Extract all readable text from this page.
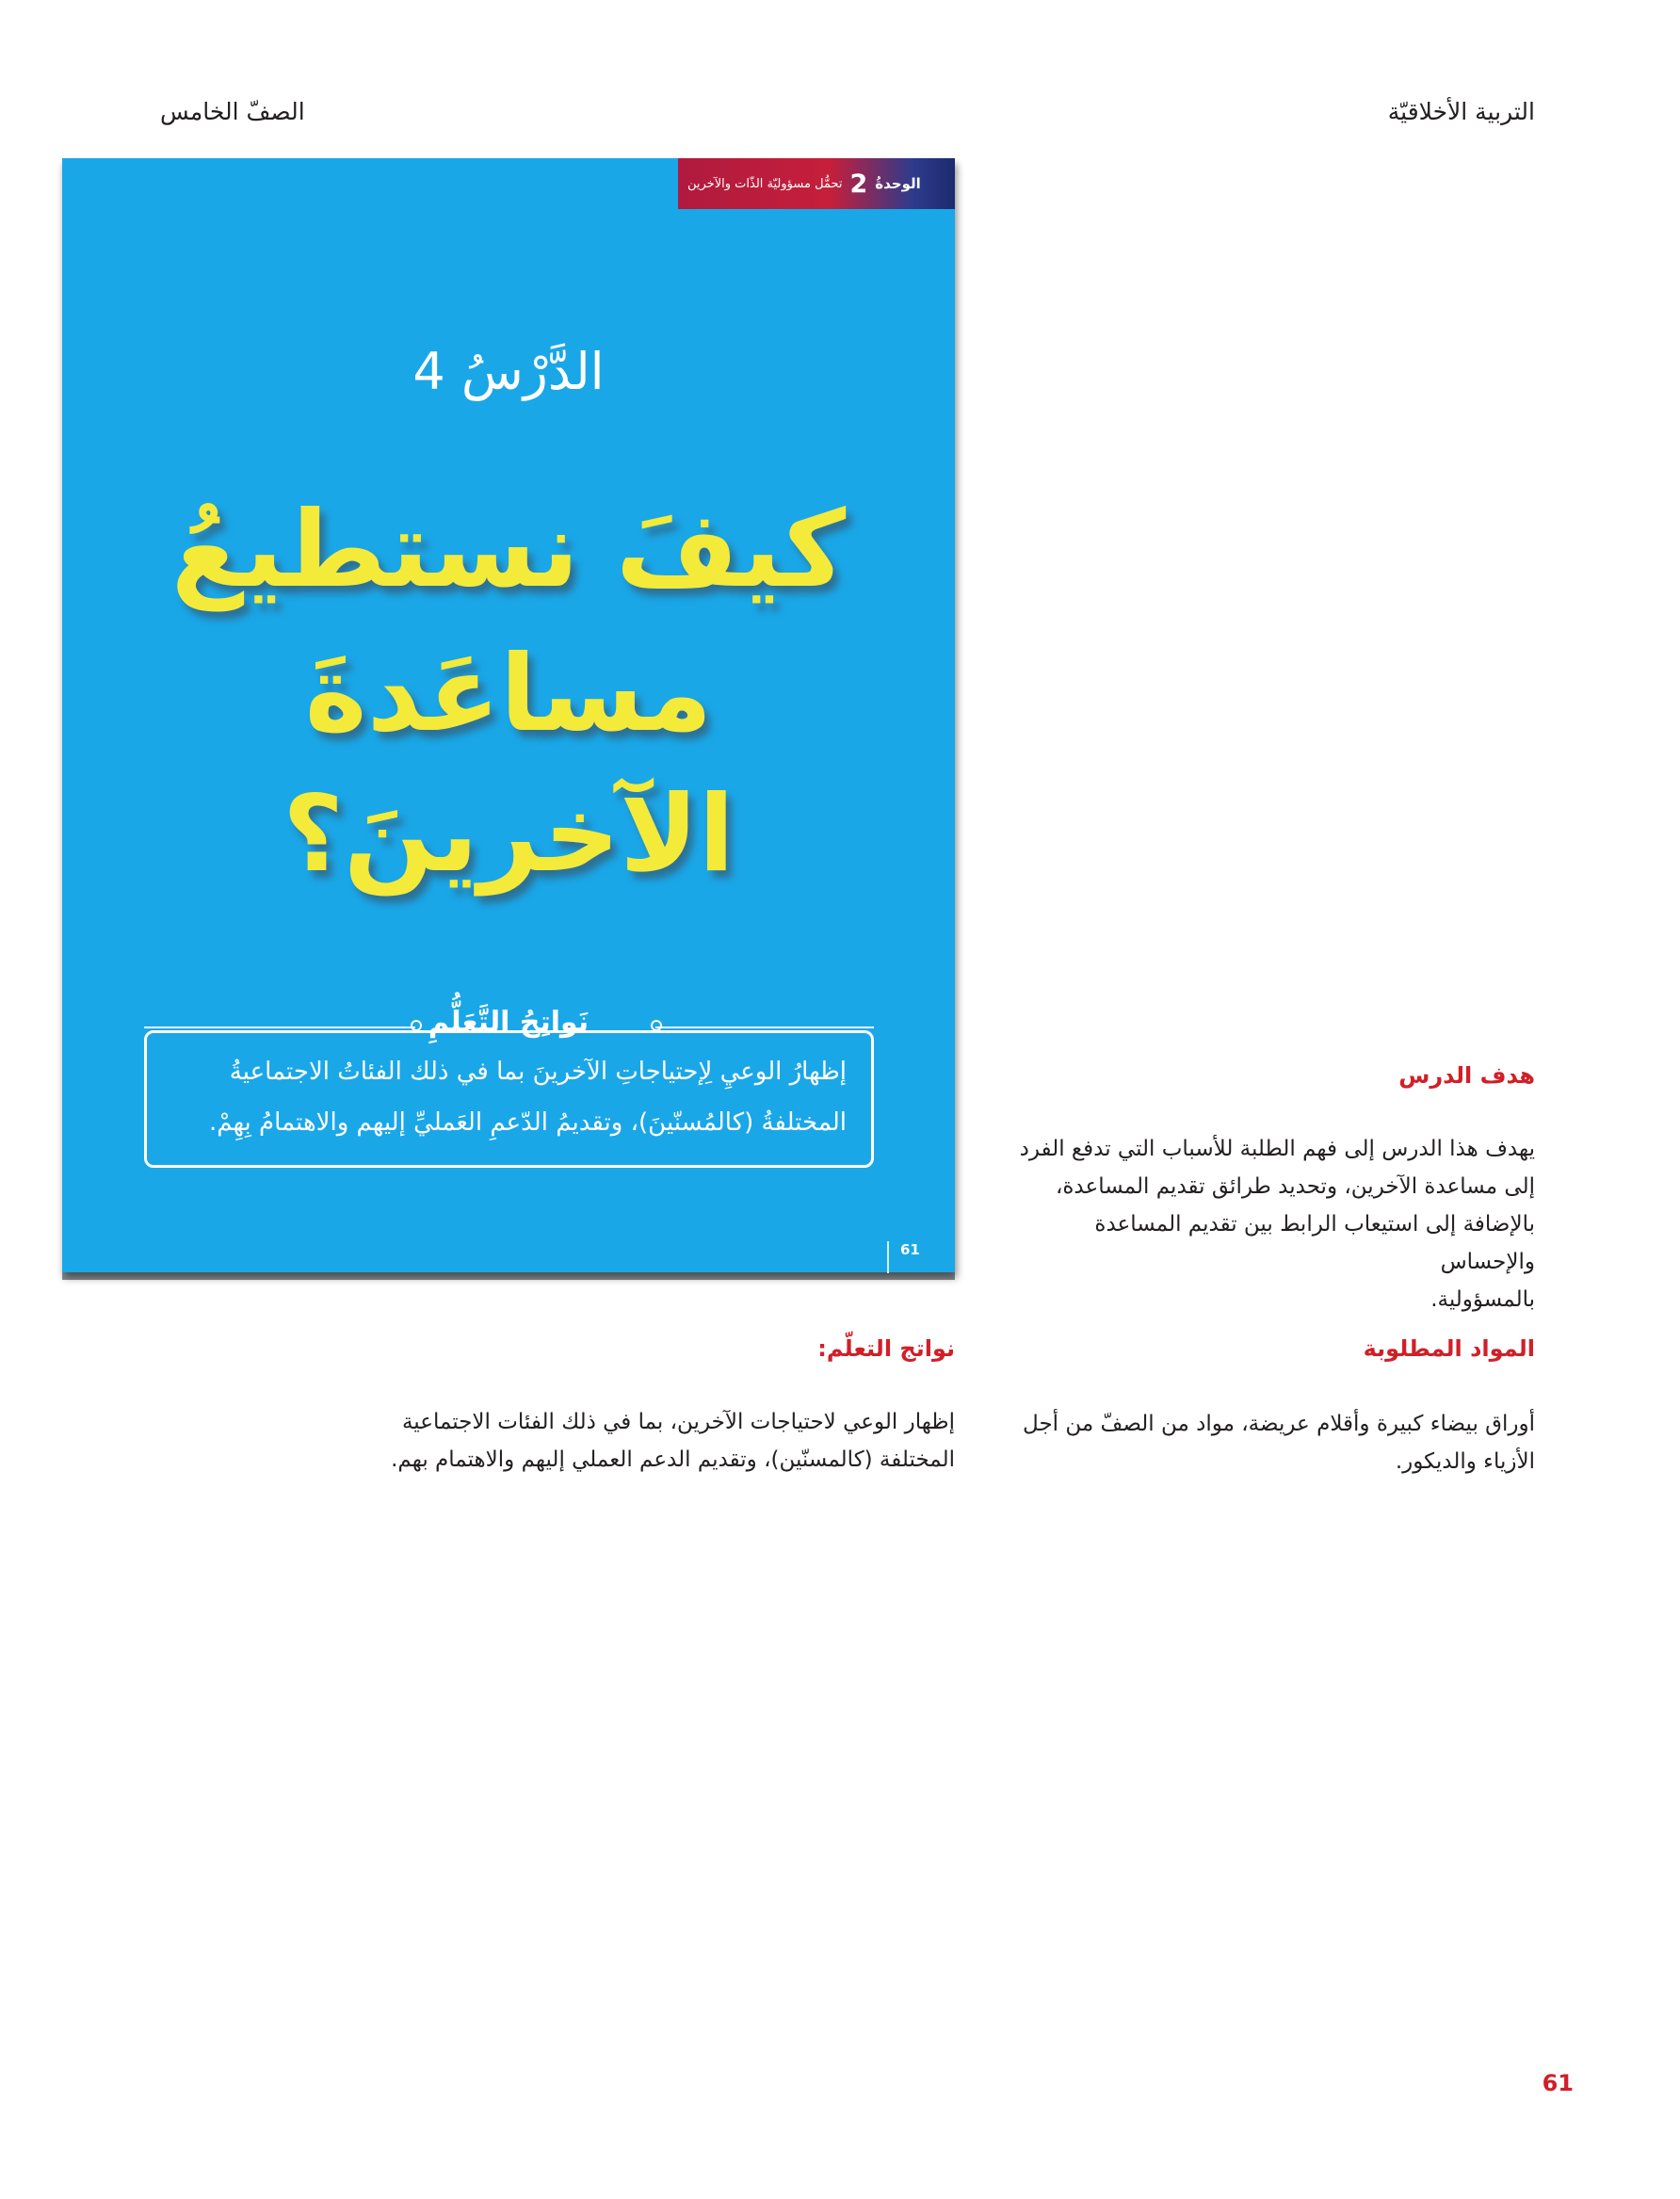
التربية الأخلاقيّة
الصفّ الخامس
الوحدةُ
2
تحمُّل مسؤوليّة الذّات والآخرين
الدَّرْسُ 4
كيفَ نستطيعُ
مساعَدةَ
الآخرينَ؟
نَواتِجُ التَّعَلُّمِ
إظهارُ الوعيِ لِإحتياجاتِ الآخرينَ بما في ذلك الفئاتُ الاجتماعيةُ
المختلفةُ (كالمُسنّينَ)، وتقديمُ الدّعمِ العَمليِّ إليهم والاهتمامُ بِهِمْ.
61
هدف الدرس
يهدف هذا الدرس إلى فهم الطلبة للأسباب التي تدفع الفرد
إلى مساعدة الآخرين، وتحديد طرائق تقديم المساعدة،
بالإضافة إلى استيعاب الرابط بين تقديم المساعدة والإحساس
بالمسؤولية.
المواد المطلوبة
أوراق بيضاء كبيرة وأقلام عريضة، مواد من الصفّ من أجل
الأزياء والديكور.
نواتج التعلّم:
إظهار الوعي لاحتياجات الآخرين، بما في ذلك الفئات الاجتماعية
المختلفة (كالمسنّين)، وتقديم الدعم العملي إليهم والاهتمام بهم.
61
